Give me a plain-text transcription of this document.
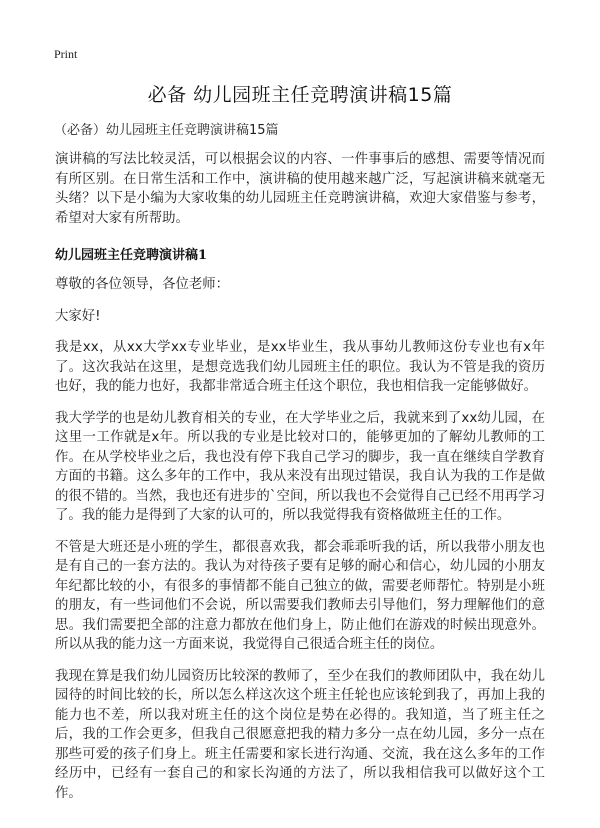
Print
必备 幼儿园班主任竞聘演讲稿15篇

（必备）幼儿园班主任竞聘演讲稿15篇

演讲稿的写法比较灵活，可以根据会议的内容、一件事事后的感想、需要等情况而有所区别。在日常生活和工作中，演讲稿的使用越来越广泛，写起演讲稿来就毫无头绪？以下是小编为大家收集的幼儿园班主任竞聘演讲稿，欢迎大家借鉴与参考，希望对大家有所帮助。

幼儿园班主任竞聘演讲稿1

尊敬的各位领导，各位老师：

大家好!

我是xx，从xx大学xx专业毕业，是xx毕业生，我从事幼儿教师这份专业也有x年了。这次我站在这里，是想竞选我们幼儿园班主任的职位。我认为不管是我的资历也好，我的能力也好，我都非常适合班主任这个职位，我也相信我一定能够做好。

我大学学的也是幼儿教育相关的专业，在大学毕业之后，我就来到了xx幼儿园，在这里一工作就是x年。所以我的专业是比较对口的，能够更加的了解幼儿教师的工作。在从学校毕业之后，我也没有停下我自己学习的脚步，我一直在继续自学教育方面的书籍。这么多年的工作中，我从来没有出现过错误，我自认为我的工作是做的很不错的。当然，我也还有进步的`空间，所以我也不会觉得自己已经不用再学习了。我的能力是得到了大家的认可的，所以我觉得我有资格做班主任的工作。

不管是大班还是小班的学生，都很喜欢我，都会乖乖听我的话，所以我带小朋友也是有自己的一套方法的。我认为对待孩子要有足够的耐心和信心，幼儿园的小朋友年纪都比较的小，有很多的事情都不能自己独立的做，需要老师帮忙。特别是小班的朋友，有一些词他们不会说，所以需要我们教师去引导他们，努力理解他们的意思。我们需要把全部的注意力都放在他们身上，防止他们在游戏的时候出现意外。所以从我的能力这一方面来说，我觉得自己很适合班主任的岗位。

我现在算是我们幼儿园资历比较深的教师了，至少在我们的教师团队中，我在幼儿园待的时间比较的长，所以怎么样这次这个班主任轮也应该轮到我了，再加上我的能力也不差，所以我对班主任的这个岗位是势在必得的。我知道，当了班主任之后，我的工作会更多，但我自己很愿意把我的精力多分一点在幼儿园，多分一点在那些可爱的孩子们身上。班主任需要和家长进行沟通、交流，我在这么多年的工作经历中，已经有一套自己的和家长沟通的方法了，所以我相信我可以做好这个工作。
